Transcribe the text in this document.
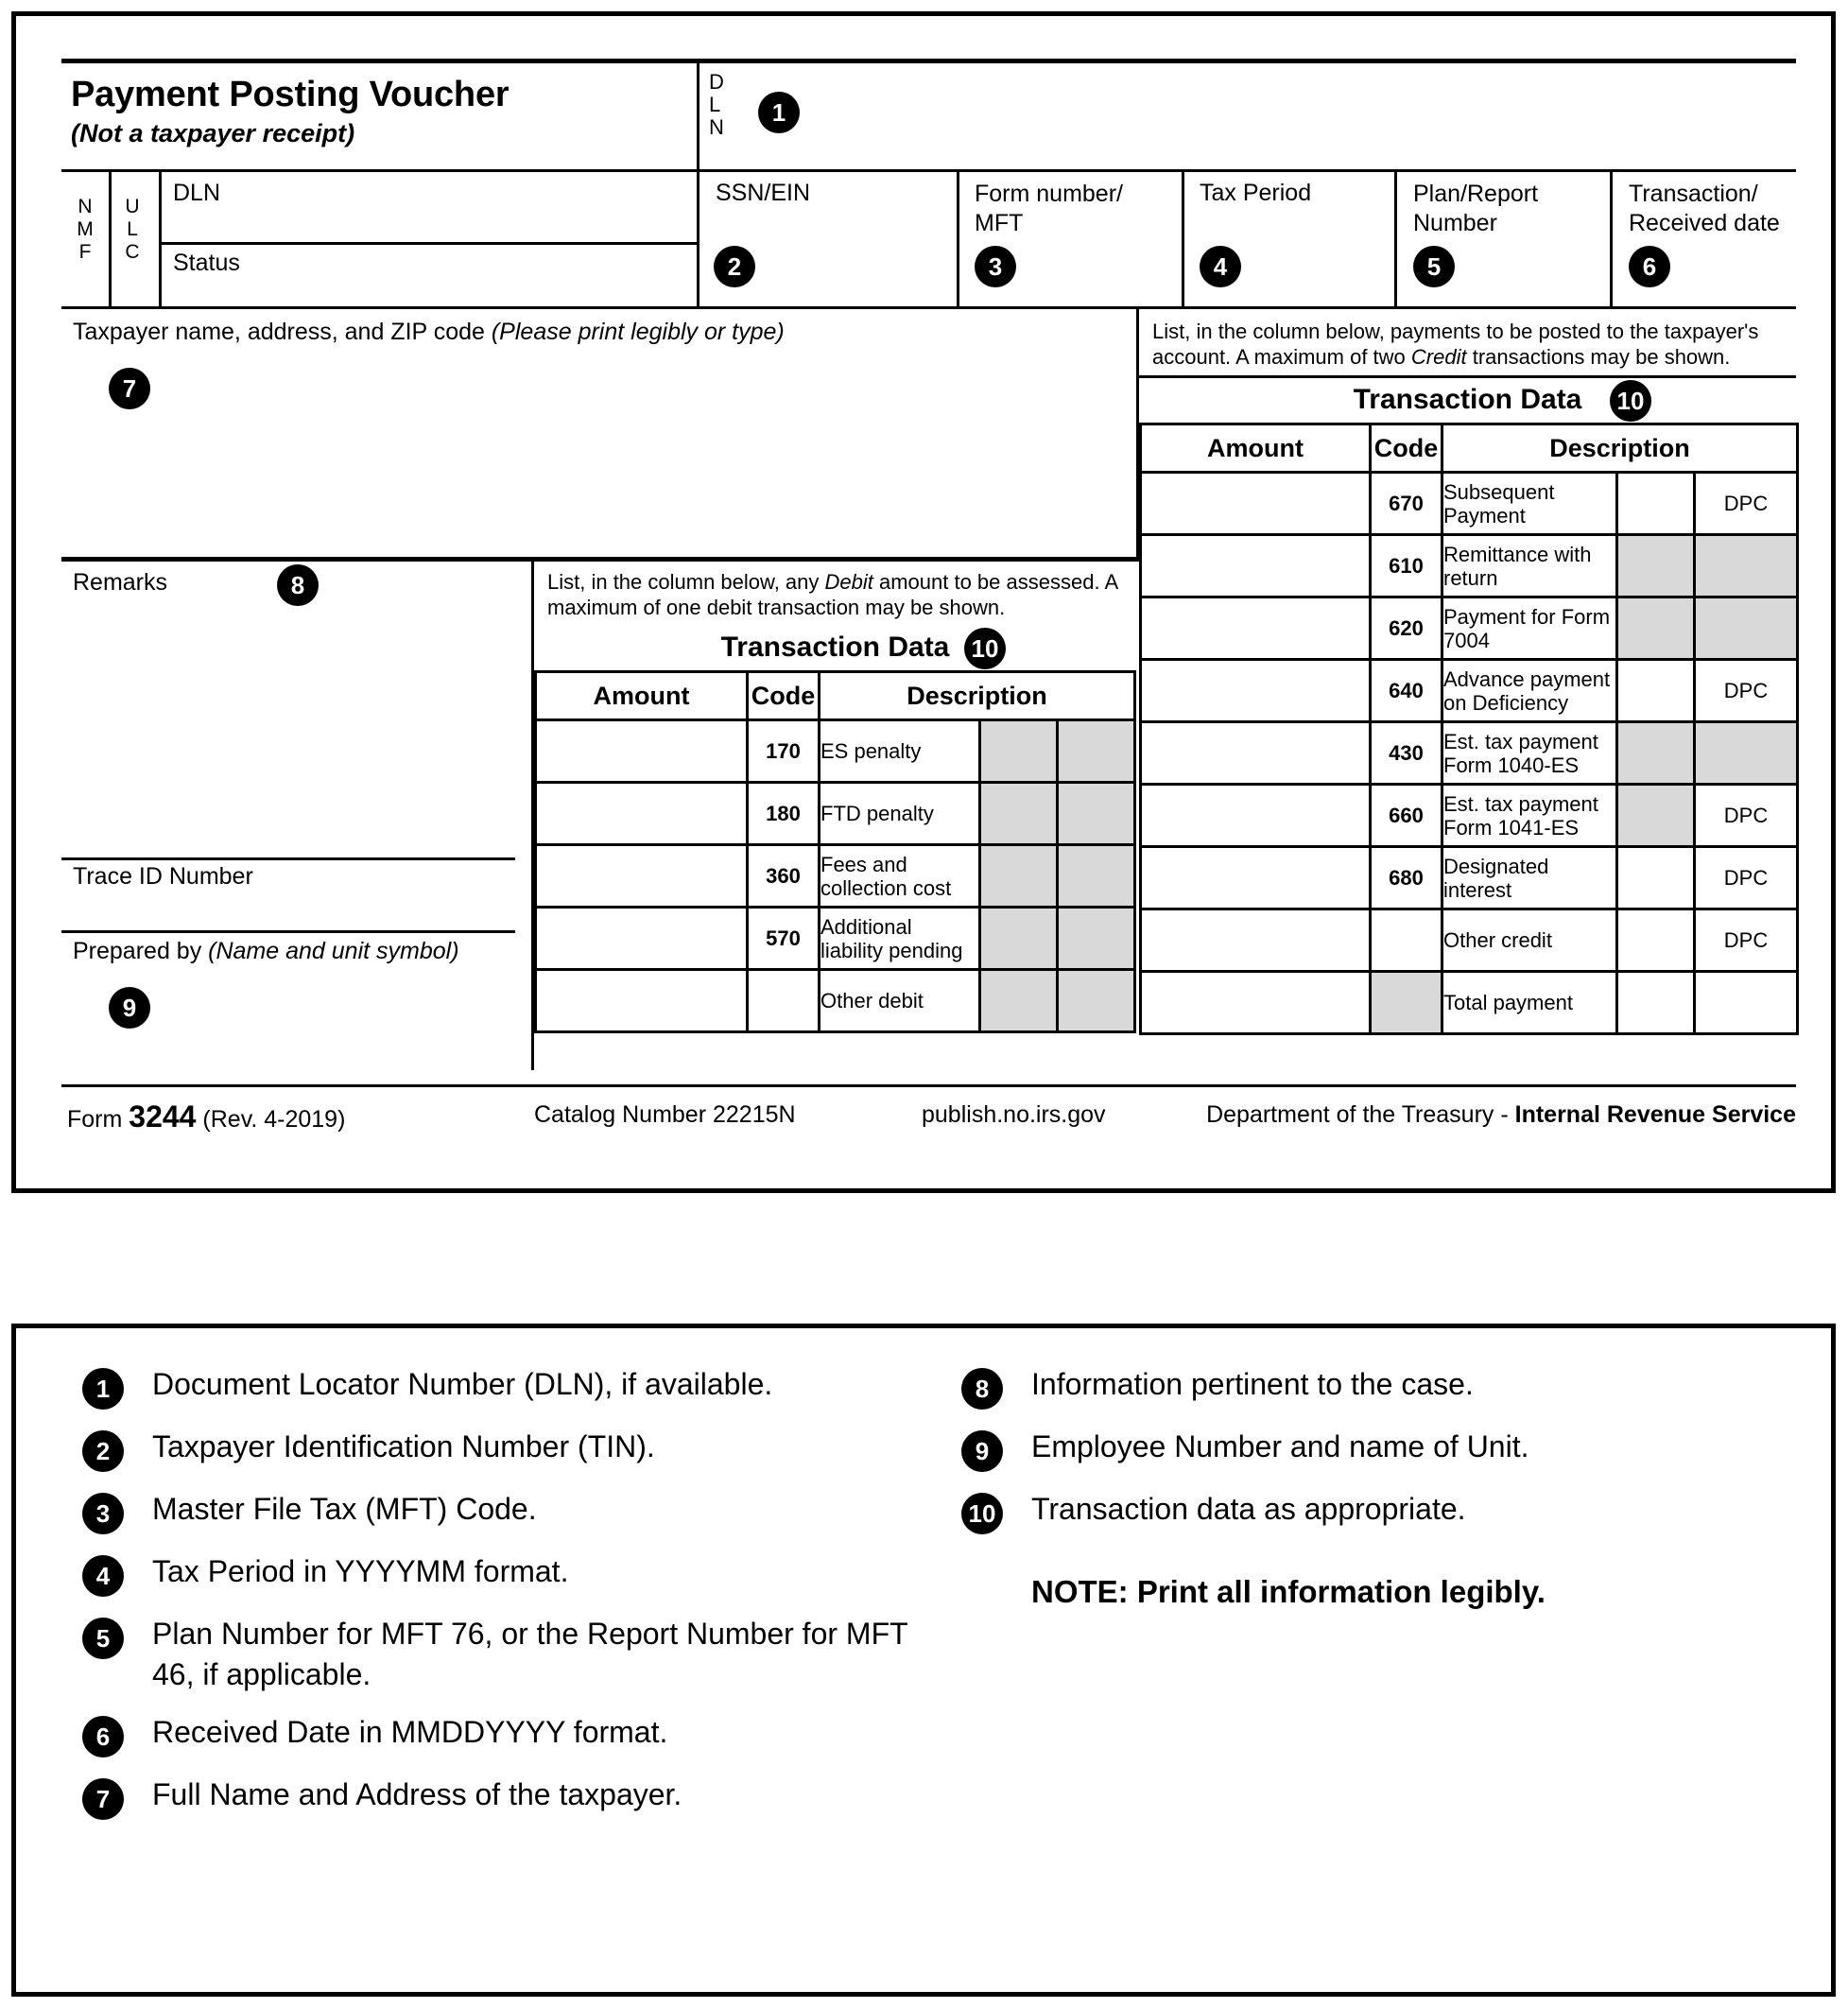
Payment Posting Voucher
(Not a taxpayer receipt)
D
L
N
1
N
M
F
U
L
C
DLN
Status
SSN/EIN
2
Form number/
MFT
3
Tax Period
4
Plan/Report
Number
5
Transaction/
Received date
6
Taxpayer name, address, and ZIP code (Please print legibly or type)
7
Remarks	8
Trace ID Number
Prepared by (Name and unit symbol)
9
List, in the column below, any Debit amount to be assessed. A maximum of one debit transaction may be shown.
Transaction Data 10
Amount	Code	Description		
	170	ES penalty		
	180	FTD penalty		
	360	Fees and collection cost		
	570	Additional liability pending		
		Other debit		
List, in the column below, payments to be posted to the taxpayer's account. A maximum of two Credit transactions may be shown.
Transaction Data 10
Amount	Code	Description		
	670	Subsequent Payment		DPC
	610	Remittance with return		
	620	Payment for Form 7004		
	640	Advance payment on Deficiency		DPC
	430	Est. tax payment Form 1040-ES		
	660	Est. tax payment Form 1041-ES		DPC
	680	Designated interest		DPC
		Other credit		DPC
		Total payment		
Form 3244 (Rev. 4-2019)	Catalog Number 22215N	publish.no.irs.gov	Department of the Treasury - Internal Revenue Service
1	Document Locator Number (DLN), if available.
2	Taxpayer Identification Number (TIN).
3	Master File Tax (MFT) Code.
4	Tax Period in YYYYMM format.
5	Plan Number for MFT 76, or the Report Number for MFT 46, if applicable.
6	Received Date in MMDDYYYY format.
7	Full Name and Address of the taxpayer.
8	Information pertinent to the case.
9	Employee Number and name of Unit.
10 Transaction data as appropriate.
NOTE: Print all information legibly.
